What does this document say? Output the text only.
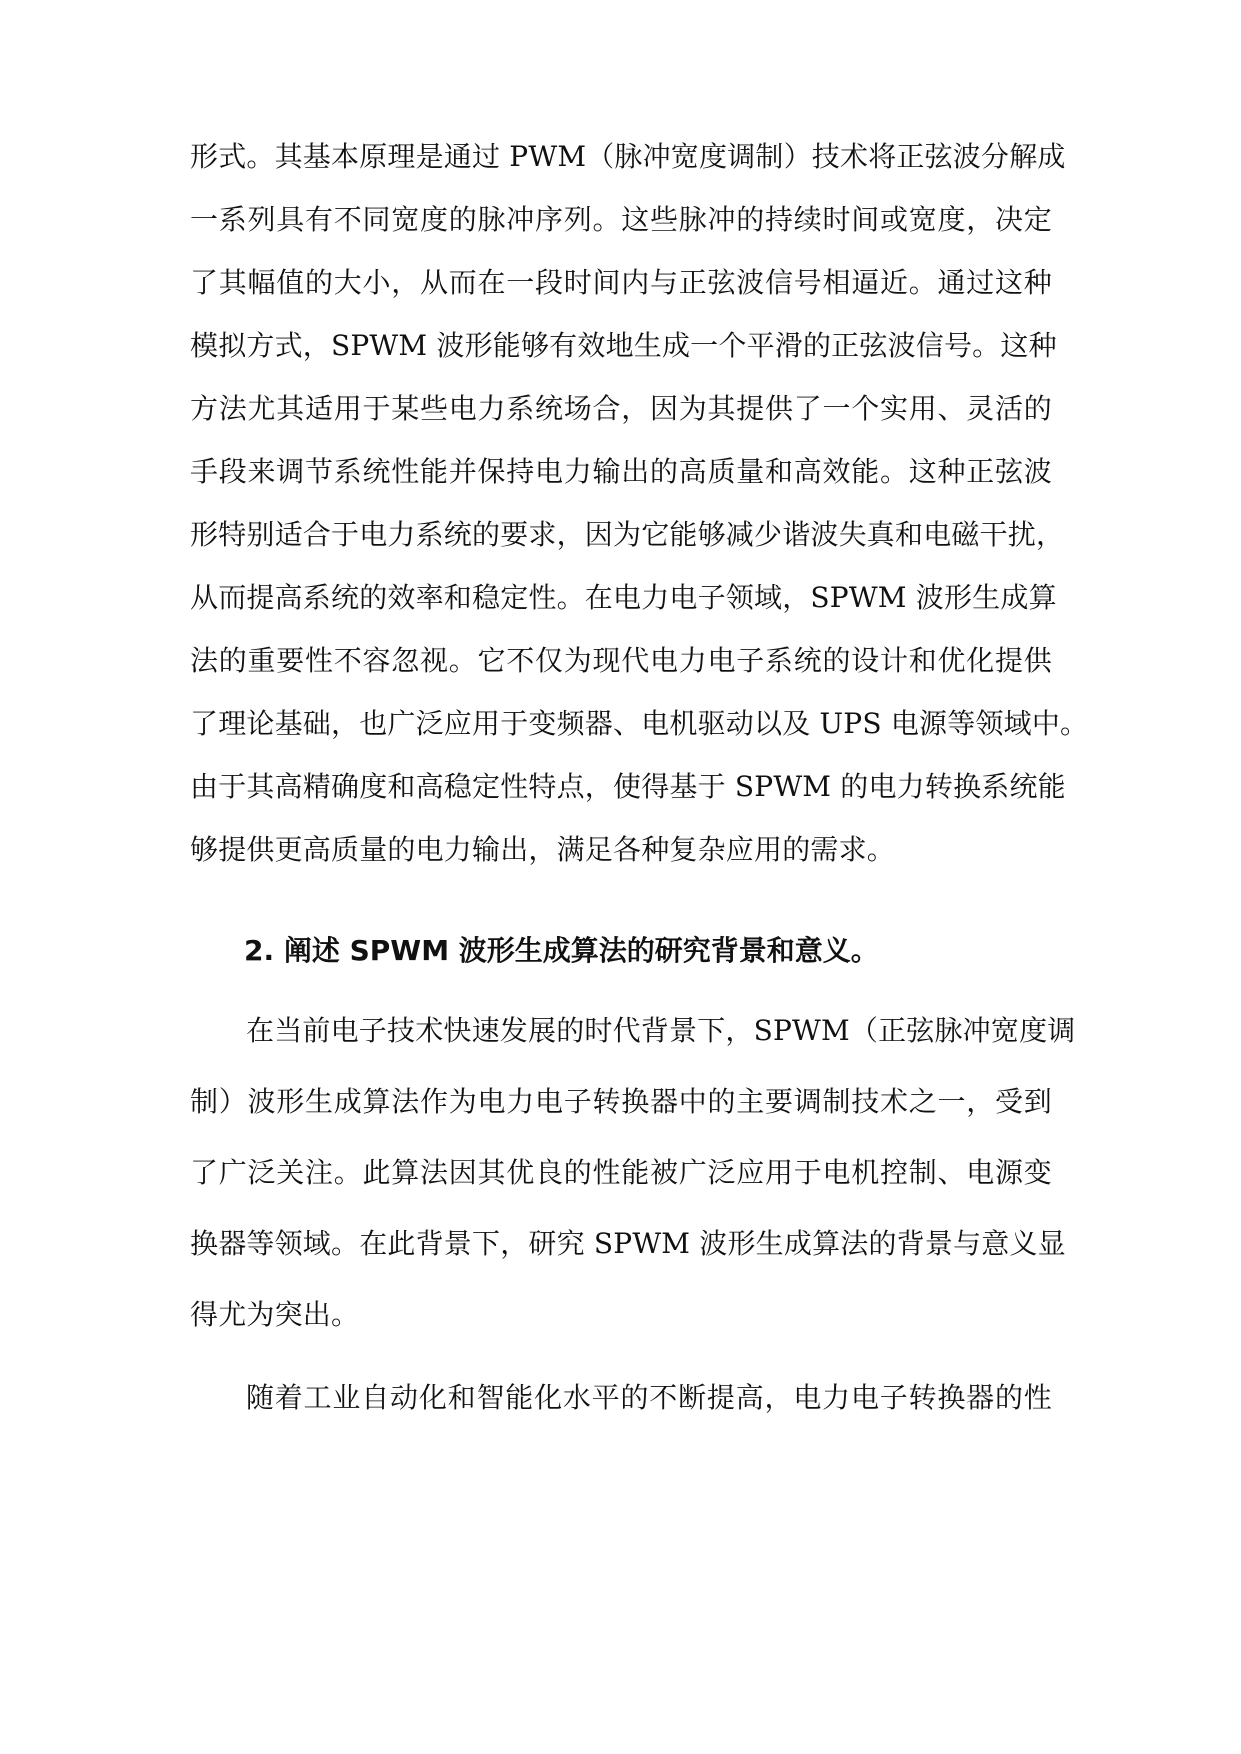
形式。其基本原理是通过 PWM（脉冲宽度调制）技术将正弦波分解成
一系列具有不同宽度的脉冲序列。这些脉冲的持续时间或宽度，决定
了其幅值的大小，从而在一段时间内与正弦波信号相逼近。通过这种
模拟方式，SPWM 波形能够有效地生成一个平滑的正弦波信号。这种
方法尤其适用于某些电力系统场合，因为其提供了一个实用、灵活的
手段来调节系统性能并保持电力输出的高质量和高效能。这种正弦波
形特别适合于电力系统的要求，因为它能够减少谐波失真和电磁干扰，
从而提高系统的效率和稳定性。在电力电子领域，SPWM 波形生成算
法的重要性不容忽视。它不仅为现代电力电子系统的设计和优化提供
了理论基础，也广泛应用于变频器、电机驱动以及 UPS 电源等领域中。
由于其高精确度和高稳定性特点，使得基于 SPWM 的电力转换系统能
够提供更高质量的电力输出，满足各种复杂应用的需求。
2. 阐述 SPWM 波形生成算法的研究背景和意义。
在当前电子技术快速发展的时代背景下，SPWM（正弦脉冲宽度调
制）波形生成算法作为电力电子转换器中的主要调制技术之一，受到
了广泛关注。此算法因其优良的性能被广泛应用于电机控制、电源变
换器等领域。在此背景下，研究 SPWM 波形生成算法的背景与意义显
得尤为突出。
随着工业自动化和智能化水平的不断提高，电力电子转换器的性
